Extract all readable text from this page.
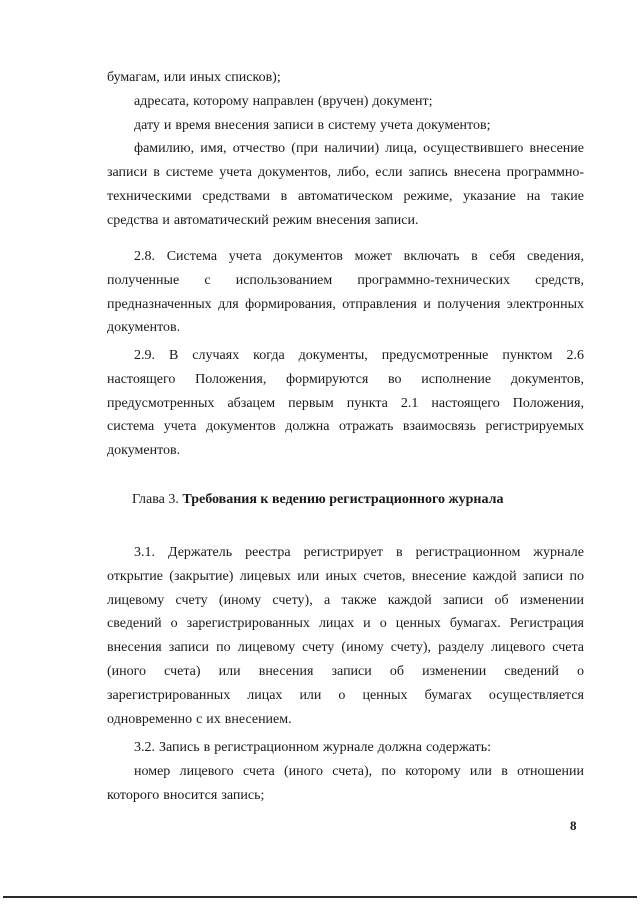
бумагам, или иных списков);
адресата, которому направлен (вручен) документ;
дату и время внесения записи в систему учета документов;
фамилию, имя, отчество (при наличии) лица, осуществившего внесение
записи в системе учета документов, либо, если запись внесена программно-
техническими средствами в автоматическом режиме, указание на такие
средства и автоматический режим внесения записи.
2.8. Система учета документов может включать в себя сведения,
полученные с использованием программно-технических средств,
предназначенных для формирования, отправления и получения электронных
документов.
2.9. В случаях когда документы, предусмотренные пунктом 2.6
настоящего Положения, формируются во исполнение документов,
предусмотренных абзацем первым пункта 2.1 настоящего Положения,
система учета документов должна отражать взаимосвязь регистрируемых
документов.
Глава 3. Требования к ведению регистрационного журнала
3.1. Держатель реестра регистрирует в регистрационном журнале
открытие (закрытие) лицевых или иных счетов, внесение каждой записи по
лицевому счету (иному счету), а также каждой записи об изменении
сведений о зарегистрированных лицах и о ценных бумагах. Регистрация
внесения записи по лицевому счету (иному счету), разделу лицевого счета
(иного счета) или внесения записи об изменении сведений о
зарегистрированных лицах или о ценных бумагах осуществляется
одновременно с их внесением.
3.2. Запись в регистрационном журнале должна содержать:
номер лицевого счета (иного счета), по которому или в отношении
которого вносится запись;
8
